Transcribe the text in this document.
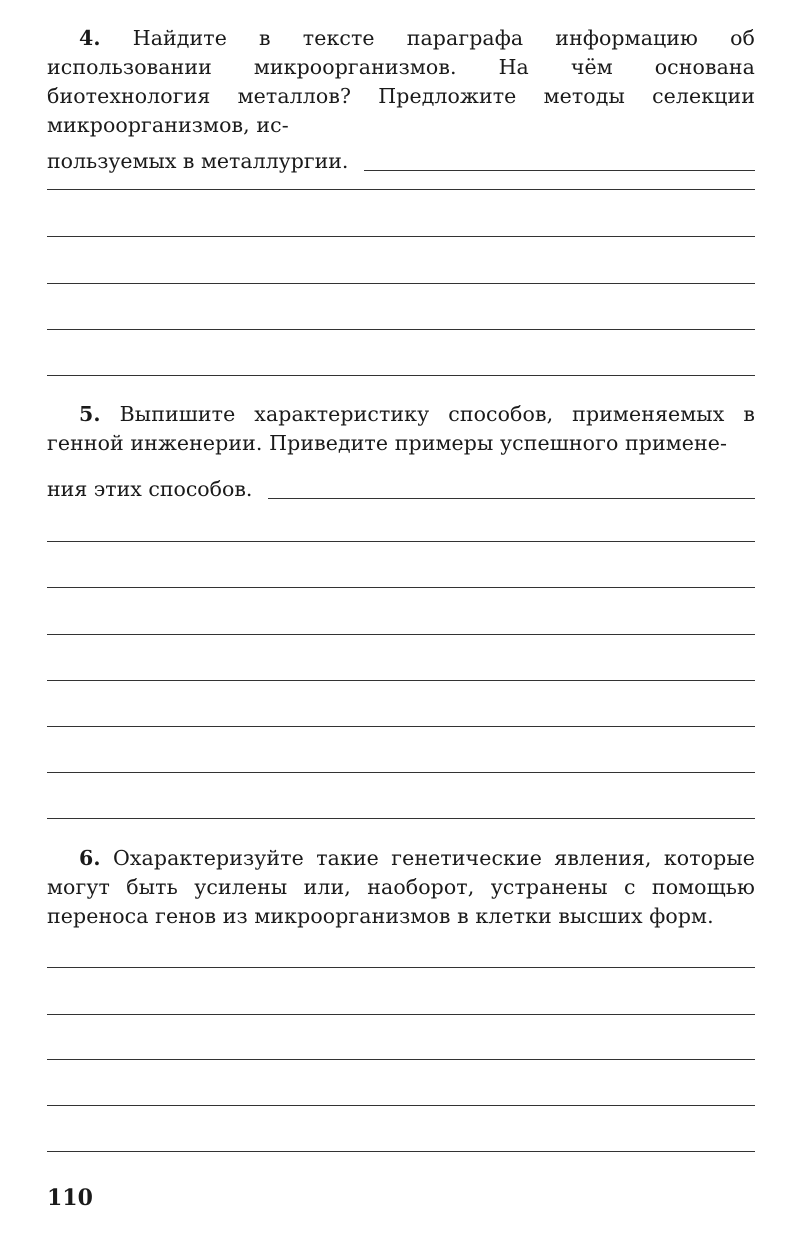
4. Найдите в тексте параграфа информацию об использовании микроорганизмов. На чём основана биотехнология металлов? Предложите методы селекции микроорганизмов, ис-

пользуемых в металлургии.

5. Выпишите характеристику способов, применяемых в генной инженерии. Приведите примеры успешного примене-

ния этих способов.

6. Охарактеризуйте такие генетические явления, которые могут быть усилены или, наоборот, устранены с помощью переноса генов из микроорганизмов в клетки высших форм.

110
